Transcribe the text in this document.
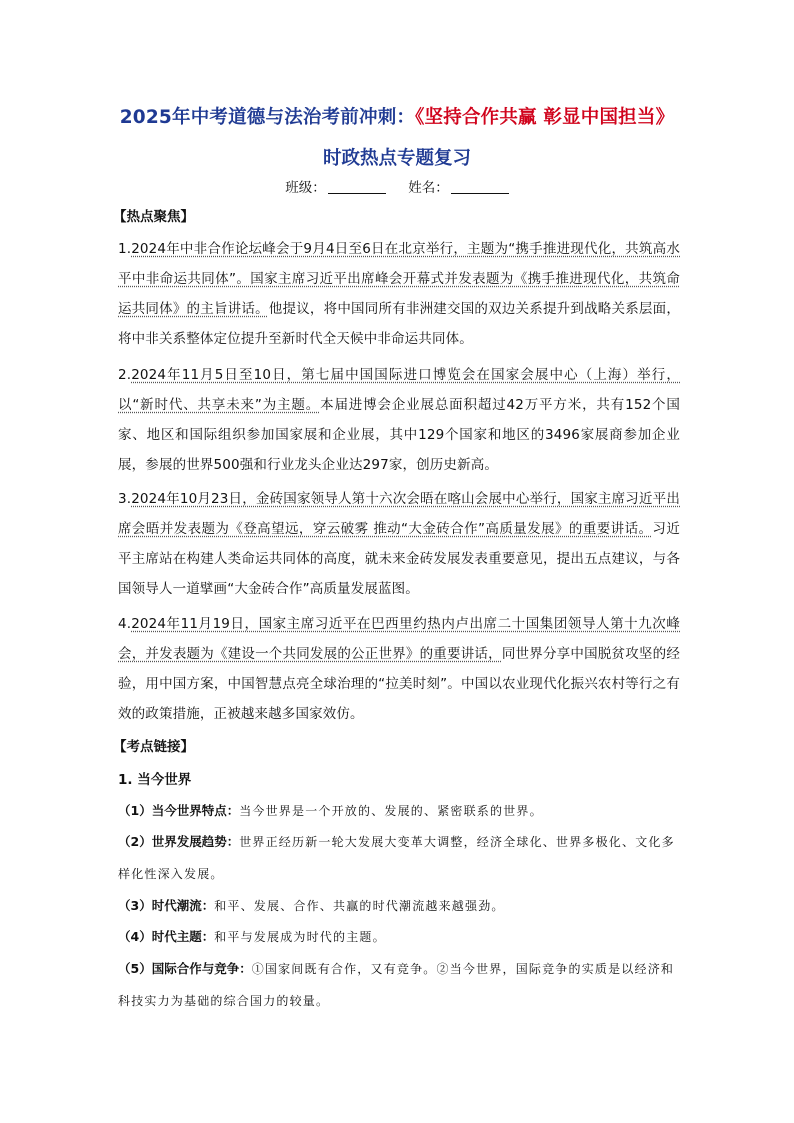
2025年中考道德与法治考前冲刺：《坚持合作共赢 彰显中国担当》
时政热点专题复习
班级：	姓名：
【热点聚焦】
1.2024年中非合作论坛峰会于9月4日至6日在北京举行，主题为“携手推进现代化，共筑高水平中非命运共同体”。国家主席习近平出席峰会开幕式并发表题为《携手推进现代化，共筑命运共同体》的主旨讲话。他提议，将中国同所有非洲建交国的双边关系提升到战略关系层面，将中非关系整体定位提升至新时代全天候中非命运共同体。
2.2024年11月5日至10日，第七届中国国际进口博览会在国家会展中心（上海）举行，以“新时代、共享未来”为主题。本届进博会企业展总面积超过42万平方米，共有152个国家、地区和国际组织参加国家展和企业展，其中129个国家和地区的3496家展商参加企业展，参展的世界500强和行业龙头企业达297家，创历史新高。
3.2024年10月23日，金砖国家领导人第十六次会晤在喀山会展中心举行，国家主席习近平出席会晤并发表题为《登高望远，穿云破雾 推动“大金砖合作”高质量发展》的重要讲话。习近平主席站在构建人类命运共同体的高度，就未来金砖发展发表重要意见，提出五点建议，与各国领导人一道擘画“大金砖合作”高质量发展蓝图。
4.2024年11月19日，国家主席习近平在巴西里约热内卢出席二十国集团领导人第十九次峰会，并发表题为《建设一个共同发展的公正世界》的重要讲话，同世界分享中国脱贫攻坚的经验，用中国方案，中国智慧点亮全球治理的“拉美时刻”。中国以农业现代化振兴农村等行之有效的政策措施，正被越来越多国家效仿。
【考点链接】
1. 当今世界
（1）当今世界特点：当今世界是一个开放的、发展的、紧密联系的世界。
（2）世界发展趋势：世界正经历新一轮大发展大变革大调整，经济全球化、世界多极化、文化多样化性深入发展。
（3）时代潮流：和平、发展、合作、共赢的时代潮流越来越强劲。
（4）时代主题：和平与发展成为时代的主题。
（5）国际合作与竞争：①国家间既有合作，又有竞争。②当今世界，国际竞争的实质是以经济和科技实力为基础的综合国力的较量。
